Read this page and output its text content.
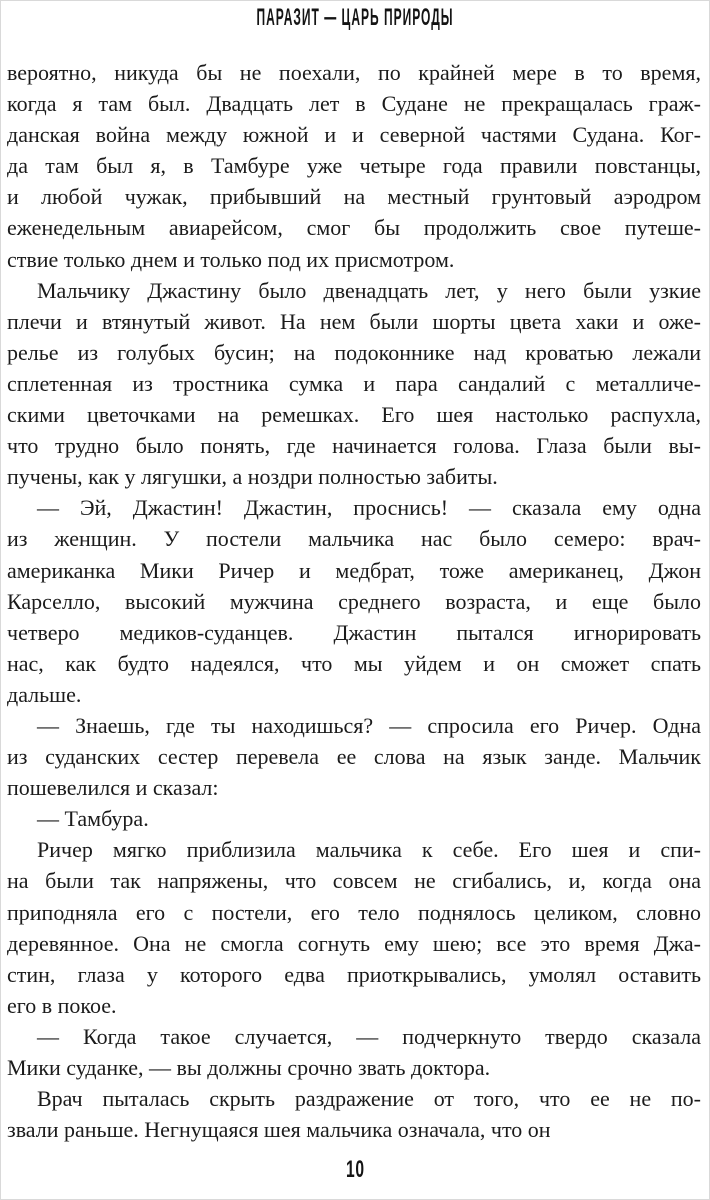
ПАРАЗИТ — ЦАРЬ ПРИРОДЫ
вероятно, никуда бы не поехали, по крайней мере в то время,
когда я там был. Двадцать лет в Судане не прекращалась граж-
данская война между южной и и северной частями Судана. Ког-
да там был я, в Тамбуре уже четыре года правили повстанцы,
и любой чужак, прибывший на местный грунтовый аэродром
еженедельным авиарейсом, смог бы продолжить свое путеше-
ствие только днем и только под их присмотром.
Мальчику Джастину было двенадцать лет, у него были узкие
плечи и втянутый живот. На нем были шорты цвета хаки и оже-
релье из голубых бусин; на подоконнике над кроватью лежали
сплетенная из тростника сумка и пара сандалий с металличе-
скими цветочками на ремешках. Его шея настолько распухла,
что трудно было понять, где начинается голова. Глаза были вы-
пучены, как у лягушки, а ноздри полностью забиты.
— Эй, Джастин! Джастин, проснись! — сказала ему одна
из женщин. У постели мальчика нас было семеро: врач-
американка Мики Ричер и медбрат, тоже американец, Джон
Карселло, высокий мужчина среднего возраста, и еще было
четверо медиков-суданцев. Джастин пытался игнорировать
нас, как будто надеялся, что мы уйдем и он сможет спать
дальше.
— Знаешь, где ты находишься? — спросила его Ричер. Одна
из суданских сестер перевела ее слова на язык занде. Мальчик
пошевелился и сказал:
— Тамбура.
Ричер мягко приблизила мальчика к себе. Его шея и спи-
на были так напряжены, что совсем не сгибались, и, когда она
приподняла его с постели, его тело поднялось целиком, словно
деревянное. Она не смогла согнуть ему шею; все это время Джа-
стин, глаза у которого едва приоткрывались, умолял оставить
его в покое.
— Когда такое случается, — подчеркнуто твердо сказала
Мики суданке, — вы должны срочно звать доктора.
Врач пыталась скрыть раздражение от того, что ее не по-
звали раньше. Негнущаяся шея мальчика означала, что он
10
